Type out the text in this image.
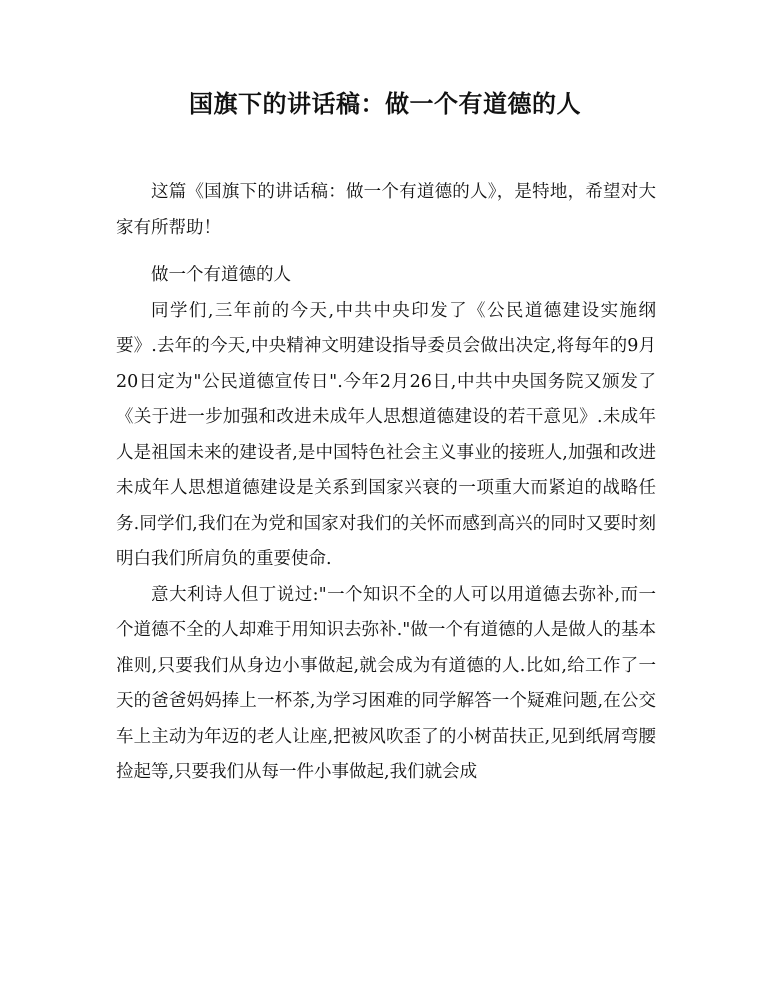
国旗下的讲话稿：做一个有道德的人

这篇《国旗下的讲话稿：做一个有道德的人》，是特地，希望对大家有所帮助！

做一个有道德的人

同学们,三年前的今天,中共中央印发了《公民道德建设实施纲要》.去年的今天,中央精神文明建设指导委员会做出决定,将每年的9月20日定为"公民道德宣传日".今年2月26日,中共中央国务院又颁发了《关于进一步加强和改进未成年人思想道德建设的若干意见》.未成年人是祖国未来的建设者,是中国特色社会主义事业的接班人,加强和改进未成年人思想道德建设是关系到国家兴衰的一项重大而紧迫的战略任务.同学们,我们在为党和国家对我们的关怀而感到高兴的同时又要时刻明白我们所肩负的重要使命.

意大利诗人但丁说过:"一个知识不全的人可以用道德去弥补,而一个道德不全的人却难于用知识去弥补."做一个有道德的人是做人的基本准则,只要我们从身边小事做起,就会成为有道德的人.比如,给工作了一天的爸爸妈妈捧上一杯茶,为学习困难的同学解答一个疑难问题,在公交车上主动为年迈的老人让座,把被风吹歪了的小树苗扶正,见到纸屑弯腰捡起等,只要我们从每一件小事做起,我们就会成
